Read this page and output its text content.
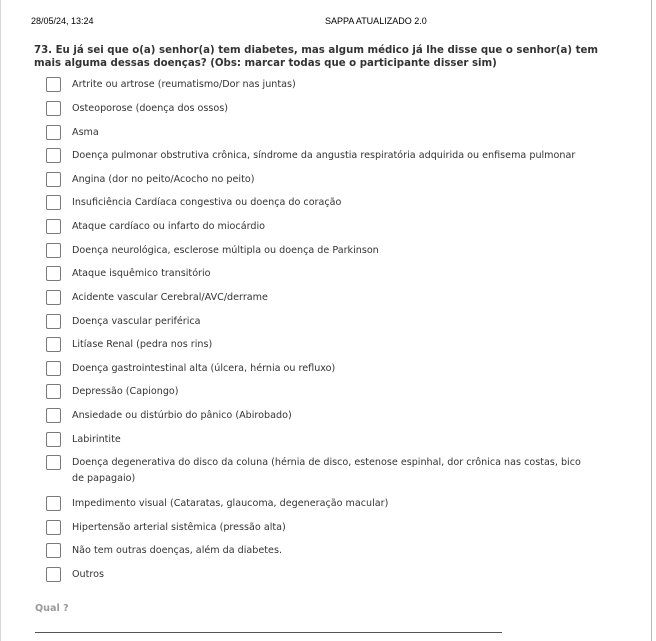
28/05/24, 13:24	SAPPA ATUALIZADO 2.0
73. Eu já sei que o(a) senhor(a) tem diabetes, mas algum médico já lhe disse que o senhor(a) tem mais alguma dessas doenças? (Obs: marcar todas que o participante disser sim)
Artrite ou artrose (reumatismo/Dor nas juntas)
Osteoporose (doença dos ossos)
Asma
Doença pulmonar obstrutiva crônica, síndrome da angustia respiratória adquirida ou enfisema pulmonar
Angina (dor no peito/Acocho no peito)
Insuficiência Cardíaca congestiva ou doença do coração
Ataque cardíaco ou infarto do miocárdio
Doença neurológica, esclerose múltipla ou doença de Parkinson
Ataque isquêmico transitório
Acidente vascular Cerebral/AVC/derrame
Doença vascular periférica
Litíase Renal (pedra nos rins)
Doença gastrointestinal alta (úlcera, hérnia ou refluxo)
Depressão (Capiongo)
Ansiedade ou distúrbio do pânico (Abirobado)
Labirintite
Doença degenerativa do disco da coluna (hérnia de disco, estenose espinhal, dor crônica nas costas, bico de papagaio)
Impedimento visual (Cataratas, glaucoma, degeneração macular)
Hipertensão arterial sistêmica (pressão alta)
Não tem outras doenças, além da diabetes.
Outros
Qual ?
